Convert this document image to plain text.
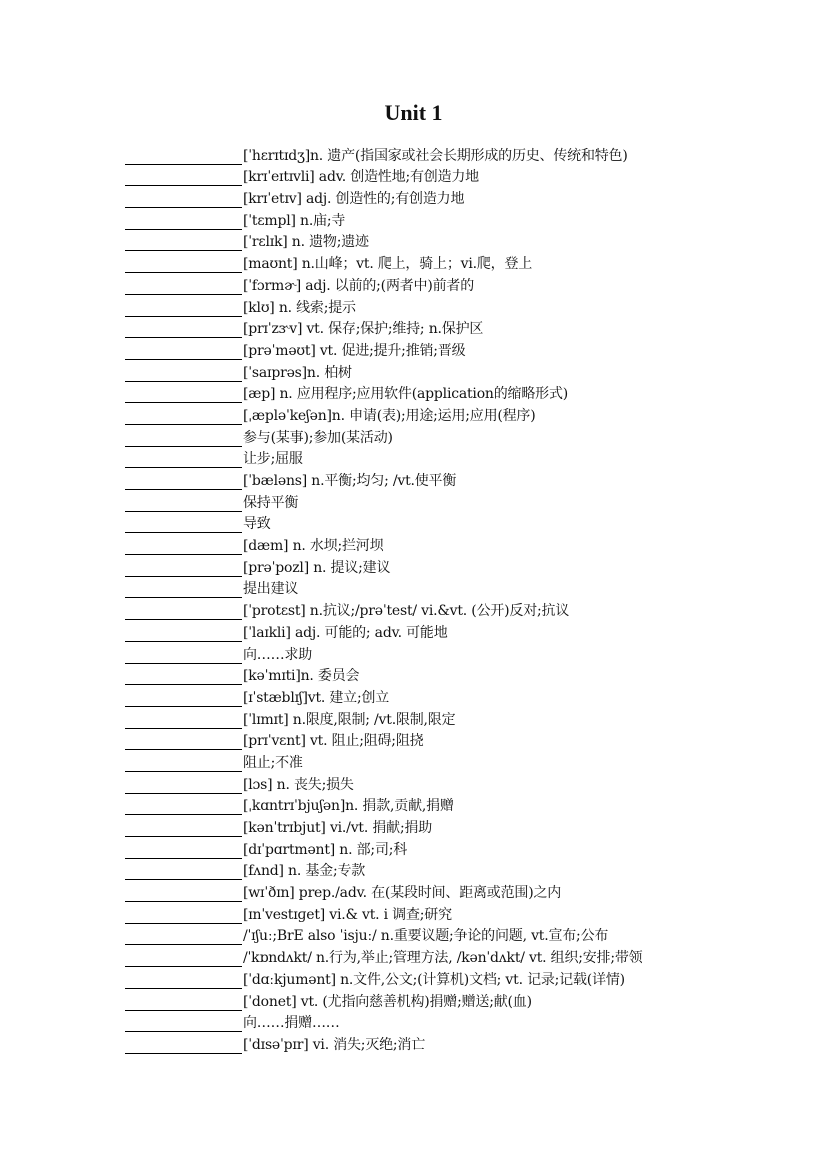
Unit 1
[ˈhɛrɪtɪdʒ]n. 遗产(指国家或社会长期形成的历史、传统和特色)
[krɪˈeɪtɪvli] adv. 创造性地;有创造力地
[krɪˈetɪv] adj. 创造性的;有创造力地
[ˈtɛmpl] n.庙;寺
[ˈrɛlɪk] n. 遗物;遗迹
[maʊnt] n.山峰；vt. 爬上，骑上；vi.爬，登上
[ˈfɔrmɚ] adj. 以前的;(两者中)前者的
[klʊ] n. 线索;提示
[prɪˈzɝv] vt. 保存;保护;维持; n.保护区
[prəˈməʊt] vt. 促进;提升;推销;晋级
[ˈsaɪprəs]n. 柏树
[æp] n. 应用程序;应用软件(application的缩略形式)
[ˌæpləˈkeʃən]n. 申请(表);用途;运用;应用(程序)
参与(某事);参加(某活动)
让步;屈服
[ˈbæləns] n.平衡;均匀; /vt.使平衡
保持平衡
导致
[dæm] n. 水坝;拦河坝
[prəˈpozl] n. 提议;建议
提出建议
[ˈprotɛst] n.抗议;/prəˈtest/ vi.&vt. (公开)反对;抗议
[ˈlaɪkli] adj. 可能的; adv. 可能地
向……求助
[kəˈmɪti]n. 委员会
[ɪˈstæblɪʃ]vt. 建立;创立
[ˈlɪmɪt] n.限度,限制; /vt.限制,限定
[prɪˈvɛnt] vt. 阻止;阻碍;阻挠
阻止;不准
[lɔs] n. 丧失;损失
[ˌkɑntrɪˈbjuʃən]n. 捐款,贡献,捐赠
[kənˈtrɪbjut] vi./vt. 捐献;捐助
[dɪˈpɑrtmənt] n. 部;司;科
[fʌnd] n. 基金;专款
[wɪˈðɪn] prep./adv. 在(某段时间、距离或范围)之内
[ɪnˈvestɪɡet] vi.& vt. i 调查;研究
/ˈɪʃuː;BrE also ˈisjuː/ n.重要议题;争论的问题, vt.宣布;公布
/ˈkɒndʌkt/ n.行为,举止;管理方法, /kənˈdʌkt/ vt. 组织;安排;带领
[ˈdɑːkjumənt] n.文件,公文;(计算机)文档; vt. 记录;记载(详情)
[ˈdonet] vt. (尤指向慈善机构)捐赠;赠送;献(血)
向……捐赠……
[ˈdɪsəˈpɪr] vi. 消失;灭绝;消亡
